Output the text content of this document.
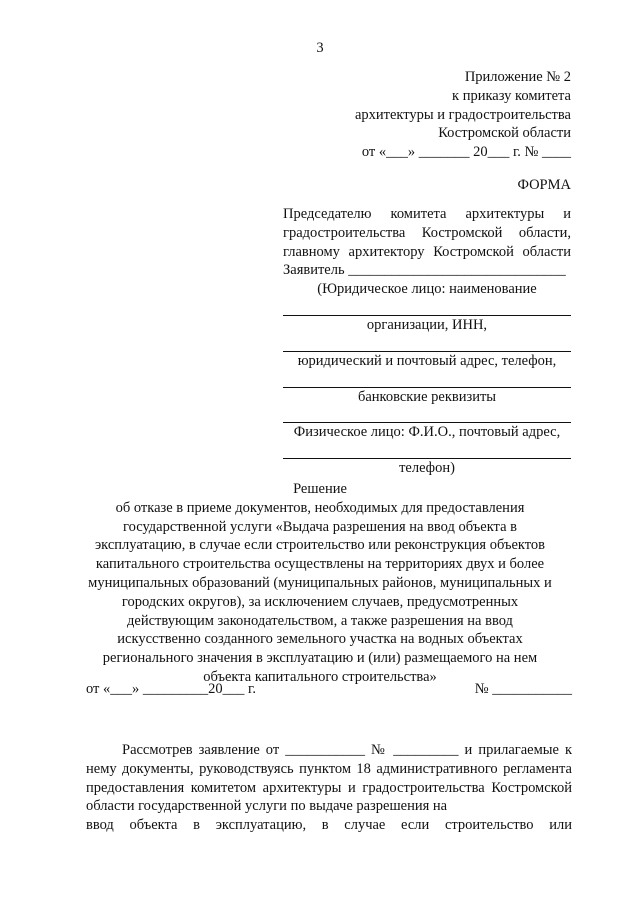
3
Приложение № 2
к приказу комитета
архитектуры и градостроительства
Костромской области
от «___» _______ 20___ г. № ____
ФОРМА
Председателю комитета архитектуры и
градостроительства Костромской области,
главному архитектору Костромской области
Заявитель ______________________________
(Юридическое лицо: наименование
организации, ИНН,
юридический и почтовый адрес, телефон,
банковские реквизиты
Физическое лицо: Ф.И.О., почтовый адрес,
телефон)
Решение
об отказе в приеме документов, необходимых для предоставления
государственной услуги «Выдача разрешения на ввод объекта в
эксплуатацию, в случае если строительство или реконструкция объектов
капитального строительства осуществлены на территориях двух и более
муниципальных образований (муниципальных районов, муниципальных и
городских округов), за исключением случаев, предусмотренных
действующим законодательством, а также разрешения на ввод
искусственно созданного земельного участка на водных объектах
регионального значения в эксплуатацию и (или) размещаемого на нем
объекта капитального строительства»
от «___» _________20___ г.	№ ___________

Рассмотрев заявление от ___________ № _________ и прилагаемые к нему документы, руководствуясь пунктом 18 административного регламента предоставления комитетом архитектуры и градостроительства Костромской области государственной услуги по выдаче разрешения на

ввод объекта в эксплуатацию, в случае если строительство или
